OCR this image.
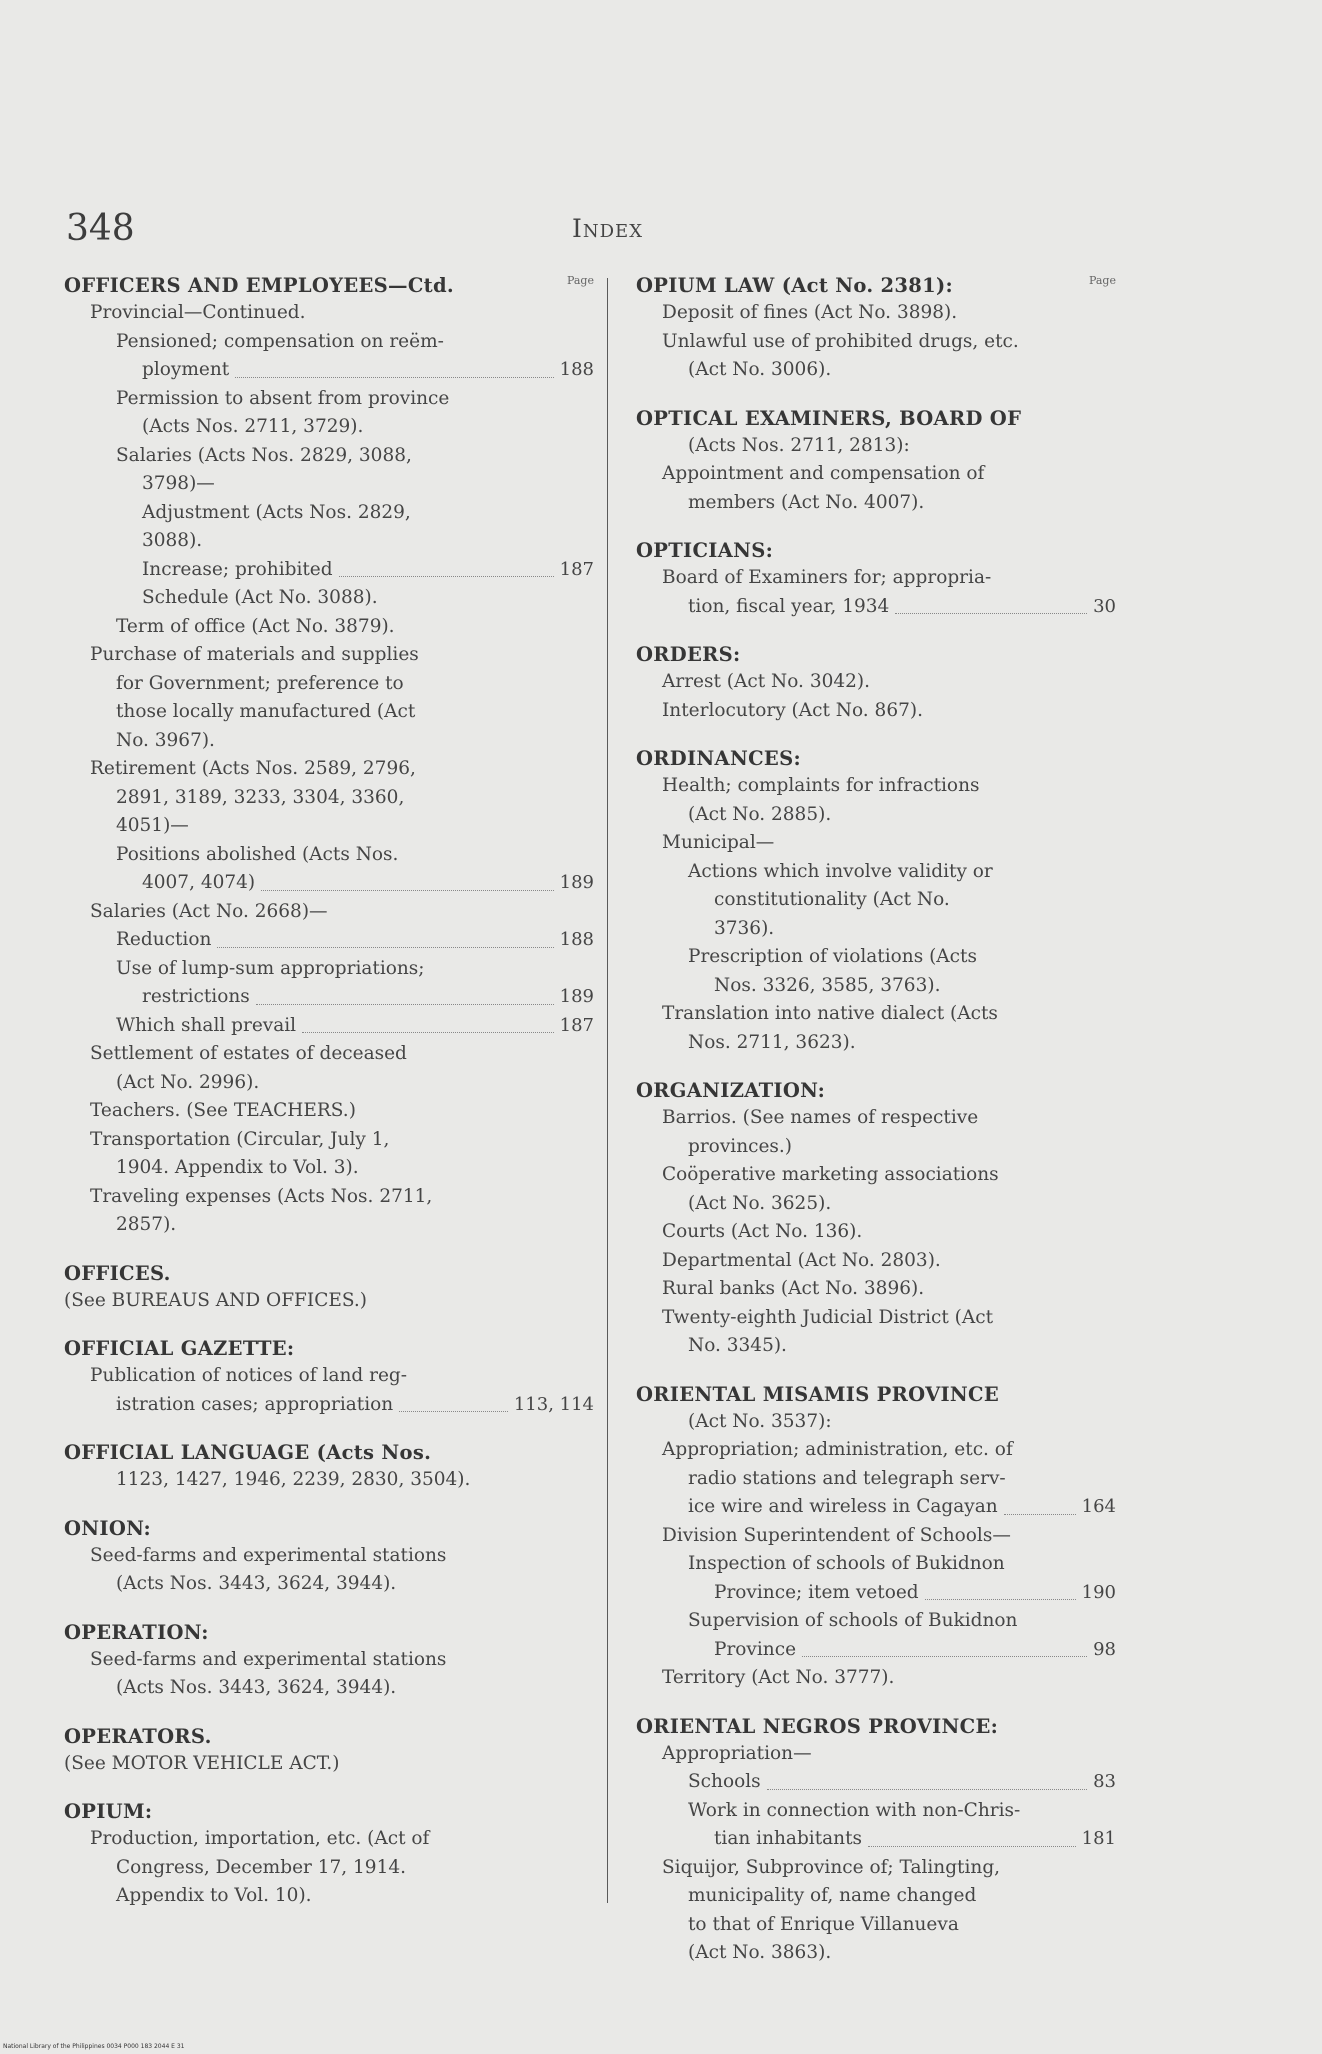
348	Index
Page
OFFICERS AND EMPLOYEES—Ctd.
Provincial—Continued.
Pensioned; compensation on reëm-
ployment	188
Permission to absent from province
(Acts Nos. 2711, 3729).
Salaries (Acts Nos. 2829, 3088,
3798)—
Adjustment (Acts Nos. 2829,
3088).
Increase; prohibited	187
Schedule (Act No. 3088).
Term of office (Act No. 3879).
Purchase of materials and supplies
for Government; preference to
those locally manufactured (Act
No. 3967).
Retirement (Acts Nos. 2589, 2796,
2891, 3189, 3233, 3304, 3360,
4051)—
Positions abolished (Acts Nos.
4007, 4074)	189
Salaries (Act No. 2668)—
Reduction	188
Use of lump-sum appropriations;
restrictions	189
Which shall prevail	187
Settlement of estates of deceased
(Act No. 2996).
Teachers. (See TEACHERS.)
Transportation (Circular, July 1,
1904. Appendix to Vol. 3).
Traveling expenses (Acts Nos. 2711,
2857).
OFFICES.
(See BUREAUS AND OFFICES.)
OFFICIAL GAZETTE:
Publication of notices of land reg-
istration cases; appropriation	113, 114
OFFICIAL LANGUAGE (Acts Nos.
1123, 1427, 1946, 2239, 2830, 3504).
ONION:
Seed-farms and experimental stations
(Acts Nos. 3443, 3624, 3944).
OPERATION:
Seed-farms and experimental stations
(Acts Nos. 3443, 3624, 3944).
OPERATORS.
(See MOTOR VEHICLE ACT.)
OPIUM:
Production, importation, etc. (Act of
Congress, December 17, 1914.
Appendix to Vol. 10).
Page
OPIUM LAW (Act No. 2381):
Deposit of fines (Act No. 3898).
Unlawful use of prohibited drugs, etc.
(Act No. 3006).
OPTICAL EXAMINERS, BOARD OF
(Acts Nos. 2711, 2813):
Appointment and compensation of
members (Act No. 4007).
OPTICIANS:
Board of Examiners for; appropria-
tion, fiscal year, 1934	30
ORDERS:
Arrest (Act No. 3042).
Interlocutory (Act No. 867).
ORDINANCES:
Health; complaints for infractions
(Act No. 2885).
Municipal—
Actions which involve validity or
constitutionality (Act No.
3736).
Prescription of violations (Acts
Nos. 3326, 3585, 3763).
Translation into native dialect (Acts
Nos. 2711, 3623).
ORGANIZATION:
Barrios. (See names of respective
provinces.)
Coöperative marketing associations
(Act No. 3625).
Courts (Act No. 136).
Departmental (Act No. 2803).
Rural banks (Act No. 3896).
Twenty-eighth Judicial District (Act
No. 3345).
ORIENTAL MISAMIS PROVINCE
(Act No. 3537):
Appropriation; administration, etc. of
radio stations and telegraph serv-
ice wire and wireless in Cagayan	164
Division Superintendent of Schools—
Inspection of schools of Bukidnon
Province; item vetoed	190
Supervision of schools of Bukidnon
Province	98
Territory (Act No. 3777).
ORIENTAL NEGROS PROVINCE:
Appropriation—
Schools	83
Work in connection with non-Chris-
tian inhabitants	181
Siquijor, Subprovince of; Talingting,
municipality of, name changed
to that of Enrique Villanueva
(Act No. 3863).
National Library of the Philippines 0034 P000 183 2044 E 31
